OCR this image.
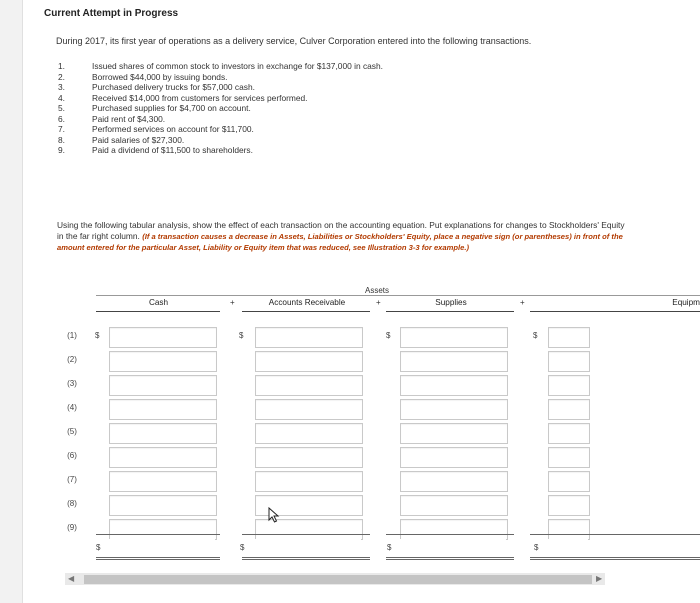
Current Attempt in Progress
During 2017, its first year of operations as a delivery service, Culver Corporation entered into the following transactions.
1.	Issued shares of common stock to investors in exchange for $137,000 in cash.
2.	Borrowed $44,000 by issuing bonds.
3.	Purchased delivery trucks for $57,000 cash.
4.	Received $14,000 from customers for services performed.
5.	Purchased supplies for $4,700 on account.
6.	Paid rent of $4,300.
7.	Performed services on account for $11,700.
8.	Paid salaries of $27,300.
9.	Paid a dividend of $11,500 to shareholders.
Using the following tabular analysis, show the effect of each transaction on the accounting equation. Put explanations for changes to Stockholders' Equity in the far right column. (If a transaction causes a decrease in Assets, Liabilities or Stockholders' Equity, place a negative sign (or parentheses) in front of the amount entered for the particular Asset, Liability or Equity item that was reduced, see Illustration 3-3 for example.)
Assets
Cash	Accounts Receivable	Supplies	Equipm
+	+	+
(1)	$	$	$	$
(2)
(3)
(4)
(5)
(6)
(7)
(8)
(9)
$	$	$	$
◀	▶
